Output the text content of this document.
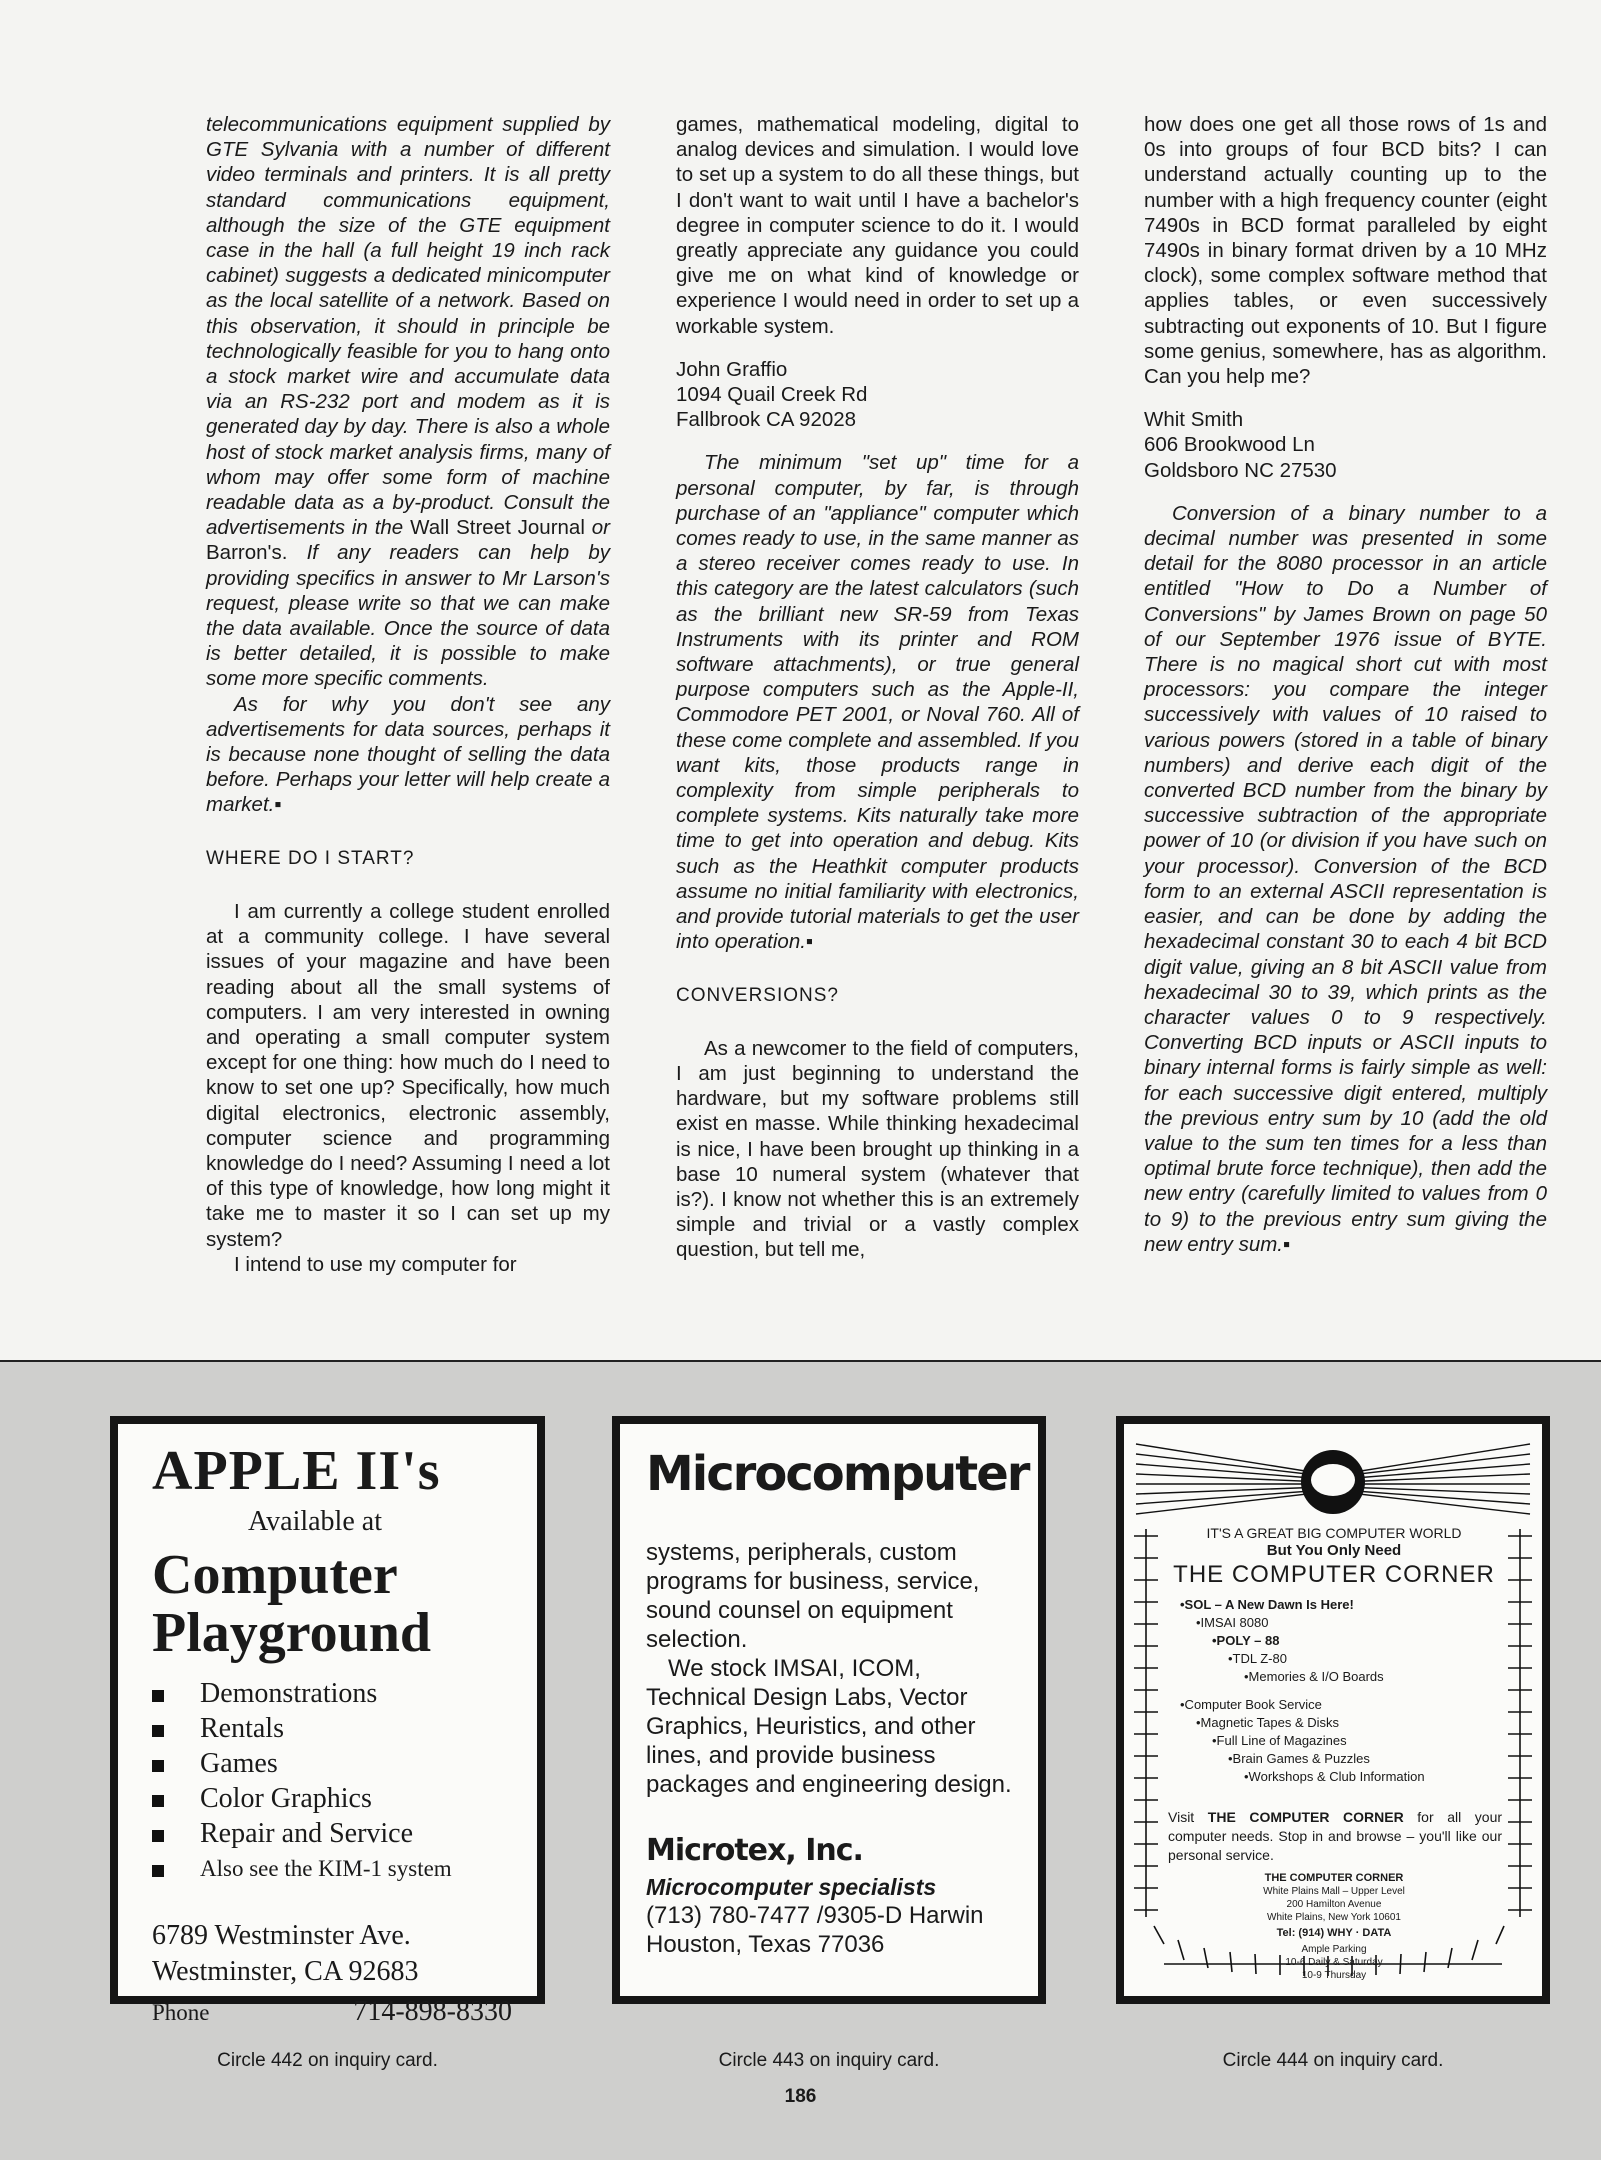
telecommunications equipment supplied by GTE Sylvania with a number of different video terminals and printers. It is all pretty standard communications equipment, although the size of the GTE equipment case in the hall (a full height 19 inch rack cabinet) suggests a dedicated minicomputer as the local satellite of a network. Based on this observation, it should in principle be technologically feasible for you to hang onto a stock market wire and accumulate data via an RS-232 port and modem as it is generated day by day. There is also a whole host of stock market analysis firms, many of whom may offer some form of machine readable data as a by-product. Consult the advertisements in the Wall Street Journal or Barron's. If any readers can help by providing specifics in answer to Mr Larson's request, please write so that we can make the data available. Once the source of data is better detailed, it is possible to make some more specific comments.

As for why you don't see any advertisements for data sources, perhaps it is because none thought of selling the data before. Perhaps your letter will help create a market.▪

WHERE DO I START?

I am currently a college student enrolled at a community college. I have several issues of your magazine and have been reading about all the small systems of computers. I am very interested in owning and operating a small computer system except for one thing: how much do I need to know to set one up? Specifically, how much digital electronics, electronic assembly, computer science and programming knowledge do I need? Assuming I need a lot of this type of knowledge, how long might it take me to master it so I can set up my system?

I intend to use my computer for

games, mathematical modeling, digital to analog devices and simulation. I would love to set up a system to do all these things, but I don't want to wait until I have a bachelor's degree in computer science to do it. I would greatly appreciate any guidance you could give me on what kind of knowledge or experience I would need in order to set up a workable system.

John Graffio

1094 Quail Creek Rd

Fallbrook CA 92028

The minimum "set up" time for a personal computer, by far, is through purchase of an "appliance" computer which comes ready to use, in the same manner as a stereo receiver comes ready to use. In this category are the latest calculators (such as the brilliant new SR-59 from Texas Instruments with its printer and ROM software attachments), or true general purpose computers such as the Apple-II, Commodore PET 2001, or Noval 760. All of these come complete and assembled. If you want kits, those products range in complexity from simple peripherals to complete systems. Kits naturally take more time to get into operation and debug. Kits such as the Heathkit computer products assume no initial familiarity with electronics, and provide tutorial materials to get the user into operation.▪

CONVERSIONS?

As a newcomer to the field of computers, I am just beginning to understand the hardware, but my software problems still exist en masse. While thinking hexadecimal is nice, I have been brought up thinking in a base 10 numeral system (whatever that is?). I know not whether this is an extremely simple and trivial or a vastly complex question, but tell me,

how does one get all those rows of 1s and 0s into groups of four BCD bits? I can understand actually counting up to the number with a high frequency counter (eight 7490s in BCD format paralleled by eight 7490s in binary format driven by a 10 MHz clock), some complex software method that applies tables, or even successively subtracting out exponents of 10. But I figure some genius, somewhere, has as algorithm. Can you help me?

Whit Smith

606 Brookwood Ln

Goldsboro NC 27530

Conversion of a binary number to a decimal number was presented in some detail for the 8080 processor in an article entitled "How to Do a Number of Conversions" by James Brown on page 50 of our September 1976 issue of BYTE. There is no magical short cut with most processors: you compare the integer successively with values of 10 raised to various powers (stored in a table of binary numbers) and derive each digit of the converted BCD number from the binary by successive subtraction of the appropriate power of 10 (or division if you have such on your processor). Conversion of the BCD form to an external ASCII representation is easier, and can be done by adding the hexadecimal constant 30 to each 4 bit BCD digit value, giving an 8 bit ASCII value from hexadecimal 30 to 39, which prints as the character values 0 to 9 respectively. Converting BCD inputs or ASCII inputs to binary internal forms is fairly simple as well: for each successive digit entered, multiply the previous entry sum by 10 (add the old value to the sum ten times for a less than optimal brute force technique), then add the new entry (carefully limited to values from 0 to 9) to the previous entry sum giving the new entry sum.▪

APPLE II's
Available at
Computer
Playground
Demonstrations
Rentals
Games
Color Graphics
Repair and Service
Also see the KIM-1 system
6789 Westminster Ave.
Westminster, CA 92683
Phone	714-898-8330
Circle 442 on inquiry card.
Microcomputer
systems, peripherals, custom programs for business, service, sound counsel on equipment selection.
We stock IMSAI, ICOM, Technical Design Labs, Vector Graphics, Heuristics, and other lines, and provide business packages and engineering design.
Microtex, Inc.
Microcomputer specialists
(713) 780-7477 /9305-D Harwin
Houston, Texas 77036
Circle 443 on inquiry card.
IT'S A GREAT BIG COMPUTER WORLD
But You Only Need
THE COMPUTER CORNER
•SOL – A New Dawn Is Here!
•IMSAI 8080
•POLY – 88
•TDL Z-80
•Memories & I/O Boards
•Computer Book Service
•Magnetic Tapes & Disks
•Full Line of Magazines
•Brain Games & Puzzles
•Workshops & Club Information
Visit THE COMPUTER CORNER for all your computer needs. Stop in and browse – you'll like our personal service.
THE COMPUTER CORNER
White Plains Mall – Upper Level
200 Hamilton Avenue
White Plains, New York 10601
Tel: (914) WHY · DATA
Ample Parking
10-6 Daily & Saturday
10-9 Thursday
Circle 444 on inquiry card.
186
